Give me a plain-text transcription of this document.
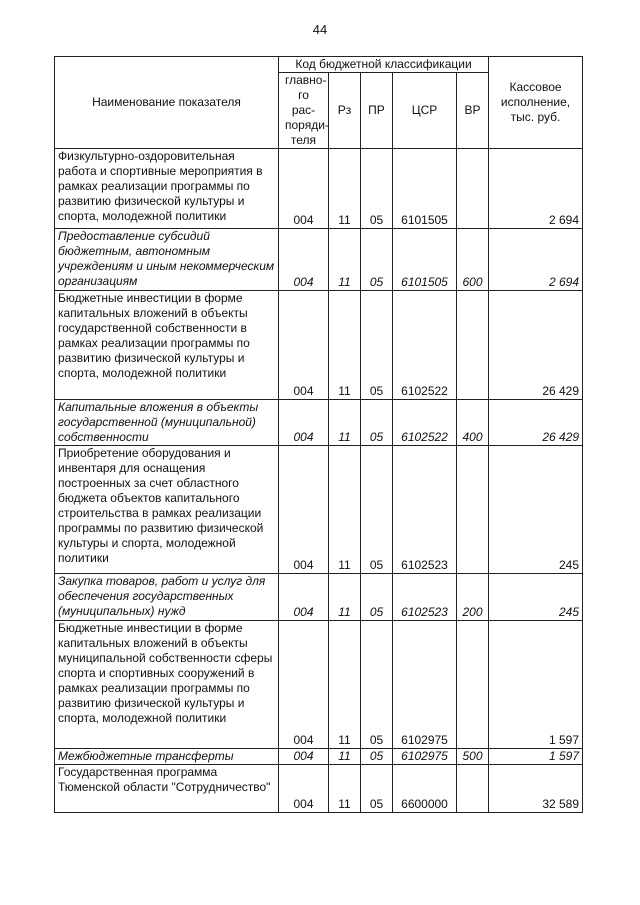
44
Наименование показателя	Код бюджетной классификации					Кассовое исполнение, тыс. руб.
	главно-го рас-поряди-теля	Рз	ПР	ЦСР	ВР	
Физкультурно-оздоровительная работа и спортивные мероприятия в рамках реализации программы по развитию физической культуры и спорта, молодежной политики	004	11	05	6101505		2 694
Предоставление субсидий бюджетным, автономным учреждениям и иным некоммерческим организациям	004	11	05	6101505	600	2 694
Бюджетные инвестиции в форме капитальных вложений в объекты государственной собственности в рамках реализации программы по развитию физической культуры и спорта, молодежной политики	004	11	05	6102522		26 429
Капитальные вложения в объекты государственной (муниципальной) собственности	004	11	05	6102522	400	26 429
Приобретение оборудования и инвентаря для оснащения построенных за счет областного бюджета объектов капитального строительства в рамках реализации программы по развитию физической культуры и спорта, молодежной политики	004	11	05	6102523		245
Закупка товаров, работ и услуг для обеспечения государственных (муниципальных) нужд	004	11	05	6102523	200	245
Бюджетные инвестиции в форме капитальных вложений в объекты муниципальной собственности сферы спорта и спортивных сооружений в рамках реализации программы по развитию физической культуры и спорта, молодежной политики	004	11	05	6102975		1 597
Межбюджетные трансферты	004	11	05	6102975	500	1 597
Государственная программа Тюменской области "Сотрудничество"	004	11	05	6600000		32 589
